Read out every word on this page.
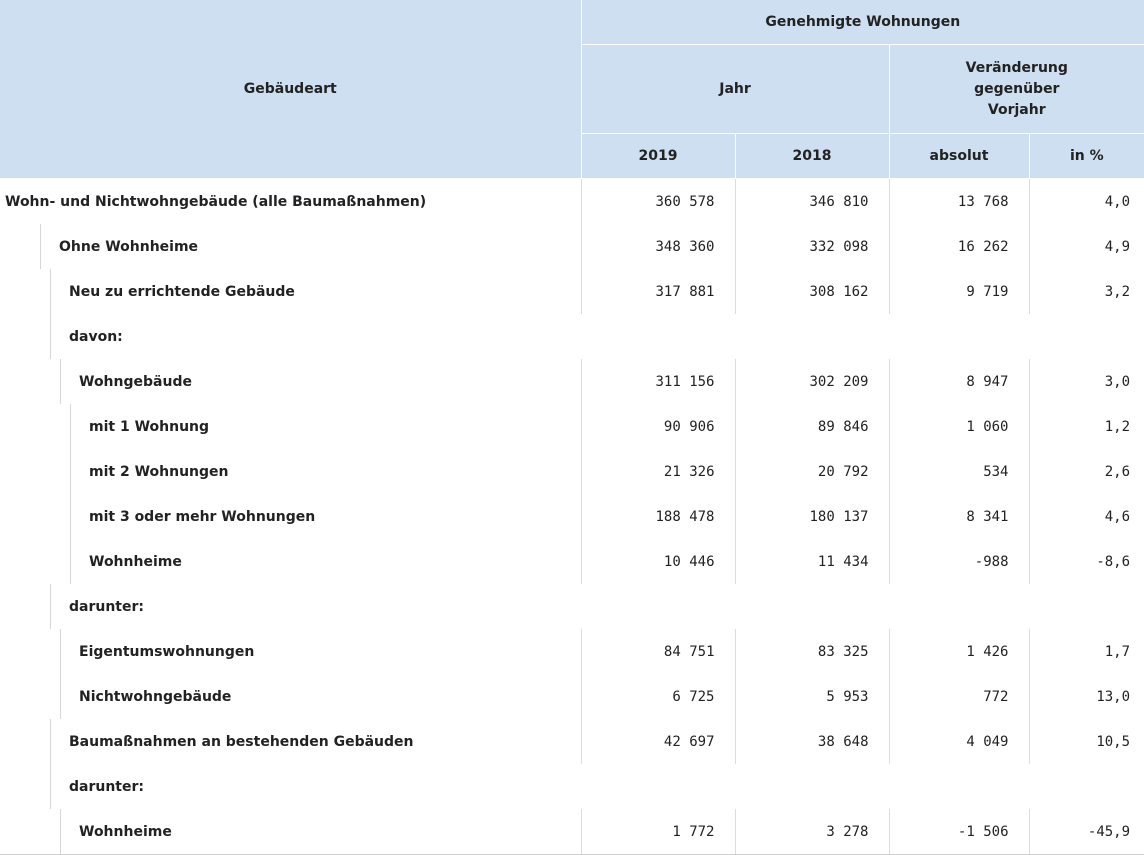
Gebäudeart	Genehmigte Wohnungen			
	Jahr		Veränderung
gegenüber
Vorjahr	
	2019	2018	absolut	in %

Wohn- und Nichtwohngebäude (alle Baumaßnahmen)	360 578	346 810	13 768	4,0

Ohne Wohnheime	348 360	332 098	16 262	4,9

Neu zu errichtende Gebäude	317 881	308 162	9 719	3,2

davon:				

Wohngebäude	311 156	302 209	8 947	3,0

mit 1 Wohnung	90 906	89 846	1 060	1,2

mit 2 Wohnungen	21 326	20 792	534	2,6

mit 3 oder mehr Wohnungen	188 478	180 137	8 341	4,6

Wohnheime	10 446	11 434	-988	-8,6

darunter:				

Eigentumswohnungen	84 751	83 325	1 426	1,7

Nichtwohngebäude	6 725	5 953	772	13,0

Baumaßnahmen an bestehenden Gebäuden	42 697	38 648	4 049	10,5

darunter:				

Wohnheime	1 772	3 278	-1 506	-45,9
